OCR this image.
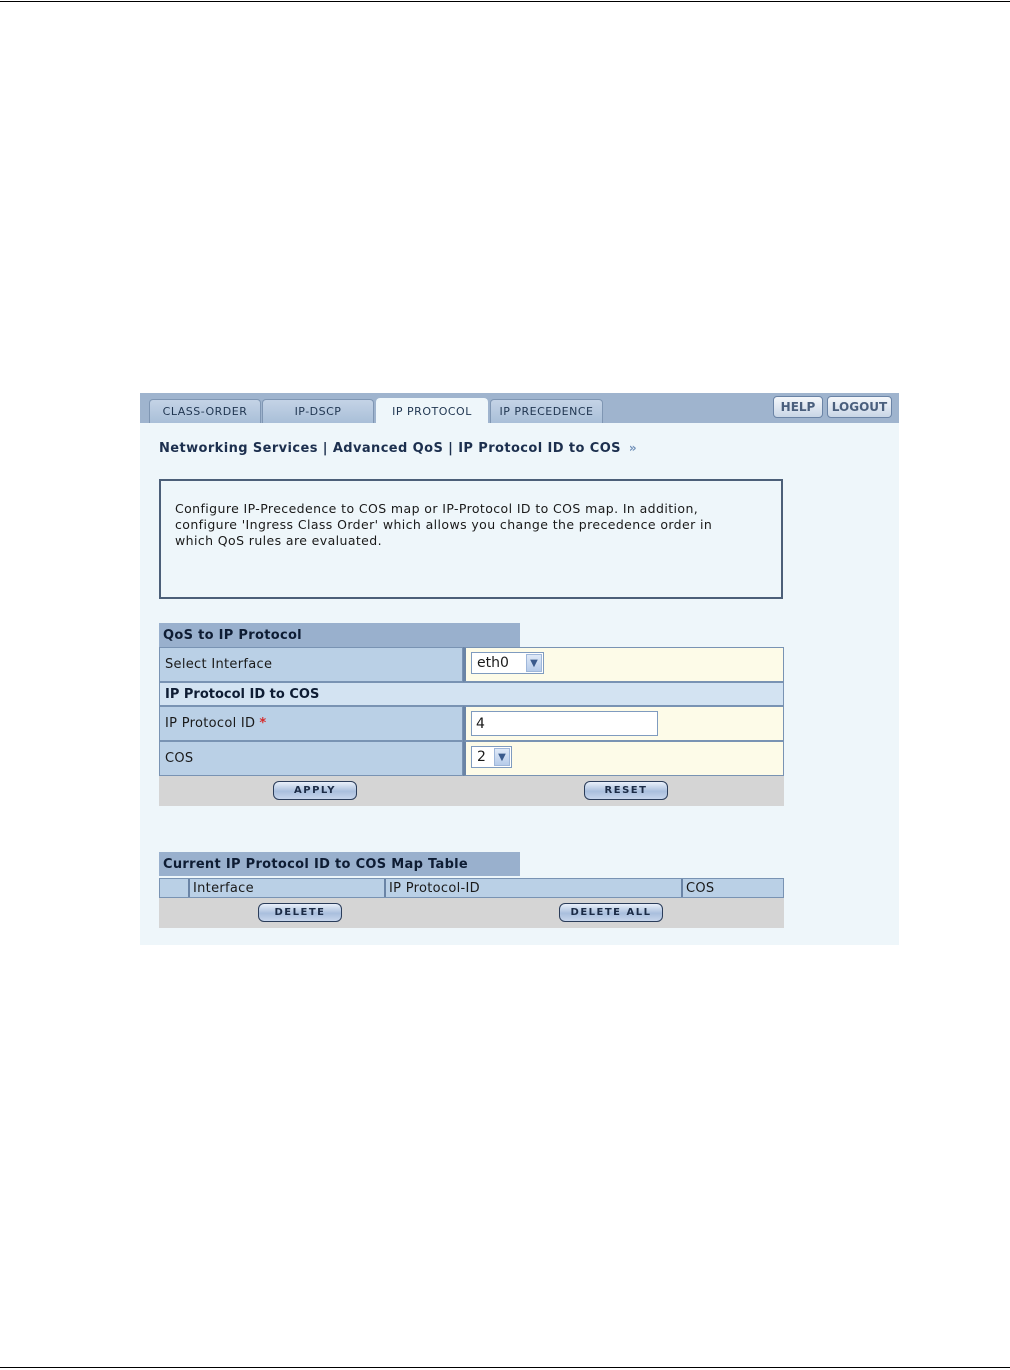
CLASS-ORDER	IP-DSCP	IP PROTOCOL	IP PRECEDENCE	HELP	LOGOUT
Networking Services | Advanced QoS | IP Protocol ID to COS »
Configure IP-Precedence to COS map or IP-Protocol ID to COS map. In addition, configure 'Ingress Class Order' which allows you change the precedence order in which QoS rules are evaluated.
QoS to IP Protocol
Select Interface	eth0	▼
IP Protocol ID to COS
IP Protocol ID *	4
COS	2	▼
APPLY	RESET
Current IP Protocol ID to COS Map Table
Interface	IP Protocol-ID	COS
DELETE	DELETE ALL
